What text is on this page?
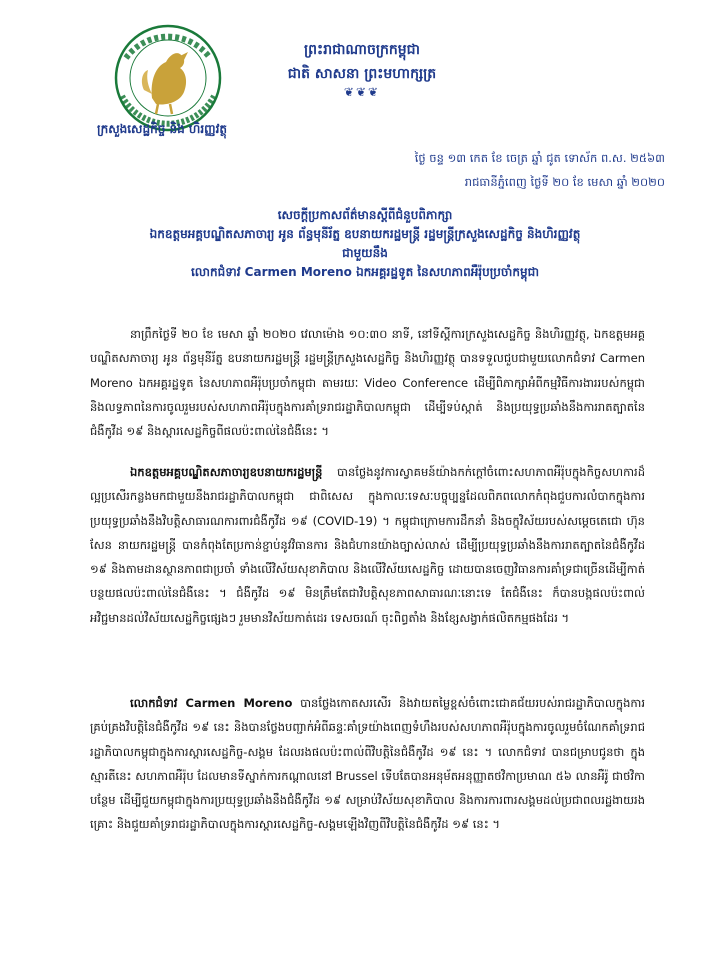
ក្រសួងសេដ្ឋកិច្ច និង ហិរញ្ញវត្ថុ
ព្រះរាជាណាចក្រកម្ពុជា
ជាតិ សាសនា ព្រះមហាក្សត្រ
❦❦❦
ថ្ងៃ ចន្ទ ១៣ កេត ខែ ចេត្រ ឆ្នាំ ជូត ទោស័ក ព.ស. ២៥៦៣
រាជធានីភ្នំពេញ ថ្ងៃទី ២០ ខែ មេសា ឆ្នាំ ២០២០
សេចក្តីប្រកាសព័ត៌មានស្តីពីជំនួបពិភាក្សា
ឯកឧត្តមអគ្គបណ្ឌិតសភាចារ្យ អូន ព័ន្ធមុនីរ័ត្ន ឧបនាយករដ្ឋមន្ត្រី រដ្ឋមន្ត្រីក្រសួងសេដ្ឋកិច្ច និងហិរញ្ញវត្ថុ
ជាមួយនឹង
លោកជំទាវ Carmen Moreno ឯកអគ្គរដ្ឋទូត នៃសហភាពអឺរ៉ុបប្រចាំកម្ពុជា

នាព្រឹកថ្ងៃទី ២០ ខែ មេសា ឆ្នាំ ២០២០ វេលាម៉ោង ១០:៣០ នាទី, នៅទីស្តីការក្រសួងសេដ្ឋកិច្ច និងហិរញ្ញវត្ថុ, ឯកឧត្តមអគ្គបណ្ឌិតសភាចារ្យ អូន ព័ន្ធមុនីរ័ត្ន ឧបនាយករដ្ឋមន្ត្រី រដ្ឋមន្ត្រីក្រសួងសេដ្ឋកិច្ច និងហិរញ្ញវត្ថុ បានទទួលជួបជាមួយលោកជំទាវ Carmen Moreno ឯកអគ្គរដ្ឋទូត នៃសហភាពអឺរ៉ុបប្រចាំកម្ពុជា តាមរយៈ Video Conference ដើម្បីពិភាក្សាអំពីកម្មវិធីការងាររបស់កម្ពុជា និងលទ្ធភាពនៃការចូលរួមរបស់សហភាពអឺរ៉ុបក្នុងការគាំទ្ររាជរដ្ឋាភិបាលកម្ពុជា ដើម្បីទប់ស្កាត់ និងប្រយុទ្ធប្រឆាំងនឹងការរាតត្បាតនៃជំងឺកូវីដ ១៩ និងស្តារសេដ្ឋកិច្ចពីផលប៉ះពាល់នៃជំងឺនេះ ។

ឯកឧត្តមអគ្គបណ្ឌិតសភាចារ្យឧបនាយករដ្ឋមន្ត្រី បានថ្លែងនូវការស្វាគមន៍យ៉ាងកក់ក្តៅចំពោះសហភាពអឺរ៉ុបក្នុងកិច្ចសហការដ៏ល្អប្រសើរកន្លងមកជាមួយនឹងរាជរដ្ឋាភិបាលកម្ពុជា ជាពិសេស ក្នុងកាលៈទេសៈបច្ចុប្បន្នដែលពិភពលោកកំពុងជួបការលំបាកក្នុងការប្រយុទ្ធប្រឆាំងនឹងវិបត្តិសាធារណការពារជំងឺកូវីដ ១៩ (COVID-19) ។ កម្ពុជាក្រោមការដឹកនាំ និងចក្ខុវិស័យរបស់សម្តេចតេជោ ហ៊ុន សែន នាយករដ្ឋមន្ត្រី បានកំពុងតែប្រកាន់ខ្ជាប់នូវវិធានការ និងជំហានយ៉ាងច្បាស់លាស់ ដើម្បីប្រយុទ្ធប្រឆាំងនឹងការរាតត្បាតនៃជំងឺកូវីដ ១៩ និងតាមដានស្ថានភាពជាប្រចាំ ទាំងលើវិស័យសុខាភិបាល និងលើវិស័យសេដ្ឋកិច្ច ដោយបានចេញវិធានការគាំទ្រជាច្រើនដើម្បីកាត់បន្ថយផលប៉ះពាល់នៃជំងឺនេះ ។ ជំងឺកូវីដ ១៩ មិនត្រឹមតែជាវិបត្តិសុខភាពសាធារណៈនោះទេ តែជំងឺនេះ ក៏បានបង្កផលប៉ះពាល់អវិជ្ជមានដល់វិស័យសេដ្ឋកិច្ចផ្សេងៗ រួមមានវិស័យកាត់ដេរ ទេសចរណ៍ ចុះពិព្ធតាំង និងខ្សែសង្វាក់ផលិតកម្មផងដែរ ។

លោកជំទាវ Carmen Moreno បានថ្លែងកោតសរសើរ និងវាយតម្លៃខ្ពស់ចំពោះជោគជ័យរបស់រាជរដ្ឋាភិបាលក្នុងការគ្រប់គ្រងវិបត្តិនៃជំងឺកូវីដ ១៩ នេះ និងបានថ្លែងបញ្ជាក់អំពីឆន្ទៈគាំទ្រយ៉ាងពេញទំហឹងរបស់សហភាពអឺរ៉ុបក្នុងការចូលរួមចំណែកគាំទ្ររាជរដ្ឋាភិបាលកម្ពុជាក្នុងការស្តារសេដ្ឋកិច្ច-សង្គម ដែលរងផលប៉ះពាល់ពីវិបត្តិនៃជំងឺកូវីដ ១៩ នេះ ។ លោកជំទាវ បានជម្រាបជូនថា ក្នុងស្មារតីនេះ សហភាពអឺរ៉ុប ដែលមានទីស្នាក់ការកណ្តាលនៅ Brussel ទើបតែបានអនុម័តអនុញ្ញាតថវិកាប្រមាណ ៥៦ លានអឺរ៉ូ ជាថវិកាបន្ថែម ដើម្បីជួយកម្ពុជាក្នុងការប្រយុទ្ធប្រឆាំងនឹងជំងឺកូវីដ ១៩ សម្រាប់វិស័យសុខាភិបាល និងការការពារសង្គមដល់ប្រជាពលរដ្ឋងាយរងគ្រោះ និងជួយគាំទ្ររាជរដ្ឋាភិបាលក្នុងការស្តារសេដ្ឋកិច្ច-សង្គមឡើងវិញពីវិបត្តិនៃជំងឺកូវីដ ១៩ នេះ ។
